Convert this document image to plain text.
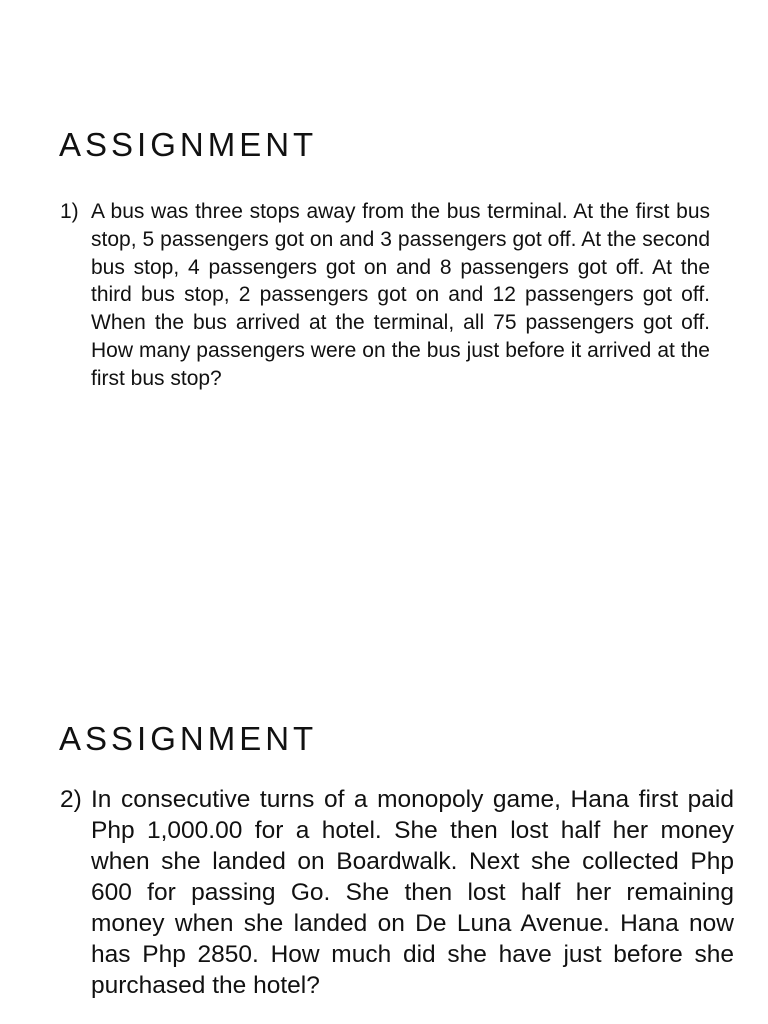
ASSIGNMENT
1) A bus was three stops away from the bus terminal. At the first bus stop, 5 passengers got on and 3 passengers got off. At the second bus stop, 4 passengers got on and 8 passengers got off. At the third bus stop, 2 passengers got on and 12 passengers got off. When the bus arrived at the terminal, all 75 passengers got off. How many passengers were on the bus just before it arrived at the first bus stop?
ASSIGNMENT
2) In consecutive turns of a monopoly game, Hana first paid Php 1,000.00 for a hotel. She then lost half her money when she landed on Boardwalk. Next she collected Php 600 for passing Go. She then lost half her remaining money when she landed on De Luna Avenue. Hana now has Php 2850. How much did she have just before she purchased the hotel?
